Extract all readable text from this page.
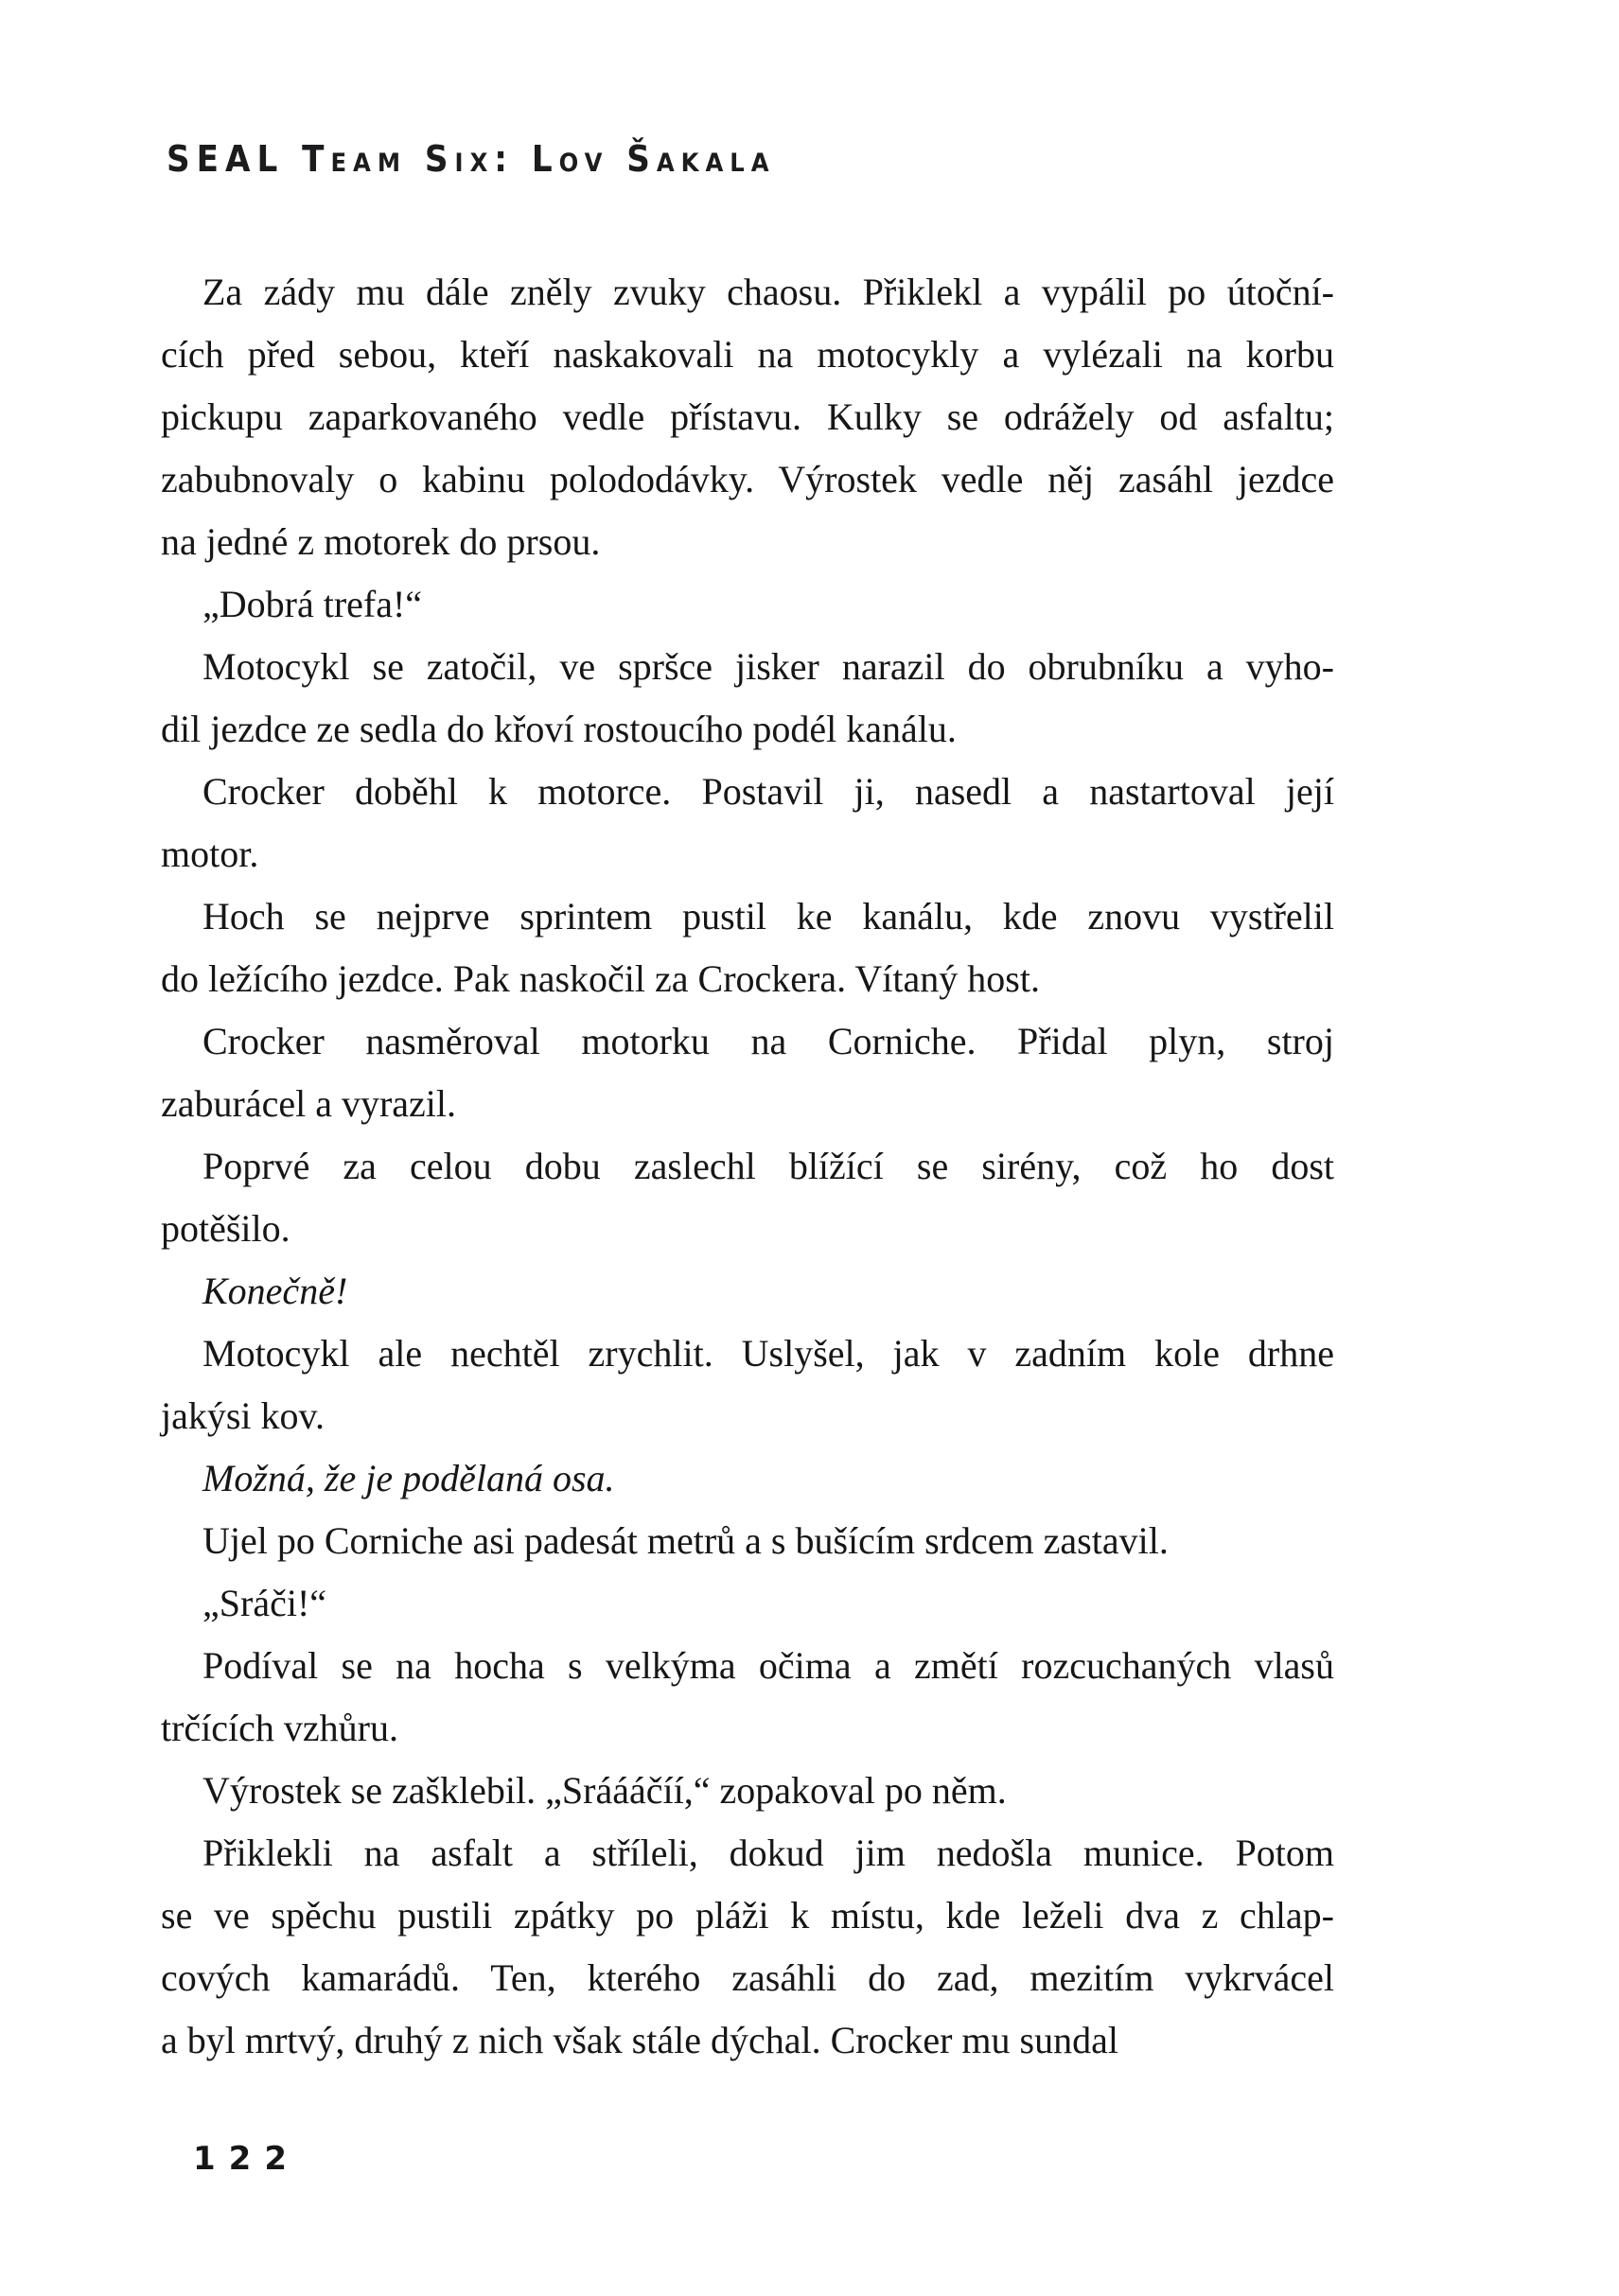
SEAL Team Six: Lov Šakala
Za zády mu dále zněly zvuky chaosu. Přiklekl a vypálil po útoční-
cích před sebou, kteří naskakovali na motocykly a vylézali na korbu
pickupu zaparkovaného vedle přístavu. Kulky se odrážely od asfaltu;
zabubnovaly o kabinu polododávky. Výrostek vedle něj zasáhl jezdce
na jedné z motorek do prsou.
„Dobrá trefa!“
Motocykl se zatočil, ve spršce jisker narazil do obrubníku a vyho-
dil jezdce ze sedla do křoví rostoucího podél kanálu.
Crocker doběhl k motorce. Postavil ji, nasedl a nastartoval její
motor.
Hoch se nejprve sprintem pustil ke kanálu, kde znovu vystřelil
do ležícího jezdce. Pak naskočil za Crockera. Vítaný host.
Crocker nasměroval motorku na Corniche. Přidal plyn, stroj
zaburácel a vyrazil.
Poprvé za celou dobu zaslechl blížící se sirény, což ho dost
potěšilo.
Konečně!
Motocykl ale nechtěl zrychlit. Uslyšel, jak v zadním kole drhne
jakýsi kov.
Možná, že je podělaná osa.
Ujel po Corniche asi padesát metrů a s bušícím srdcem zastavil.
„Sráči!“
Podíval se na hocha s velkýma očima a změtí rozcuchaných vlasů
trčících vzhůru.
Výrostek se zašklebil. „Sráááčíí,“ zopakoval po něm.
Přiklekli na asfalt a stříleli, dokud jim nedošla munice. Potom
se ve spěchu pustili zpátky po pláži k místu, kde leželi dva z chlap-
cových kamarádů. Ten, kterého zasáhli do zad, mezitím vykrvácel
a byl mrtvý, druhý z nich však stále dýchal. Crocker mu sundal
122
